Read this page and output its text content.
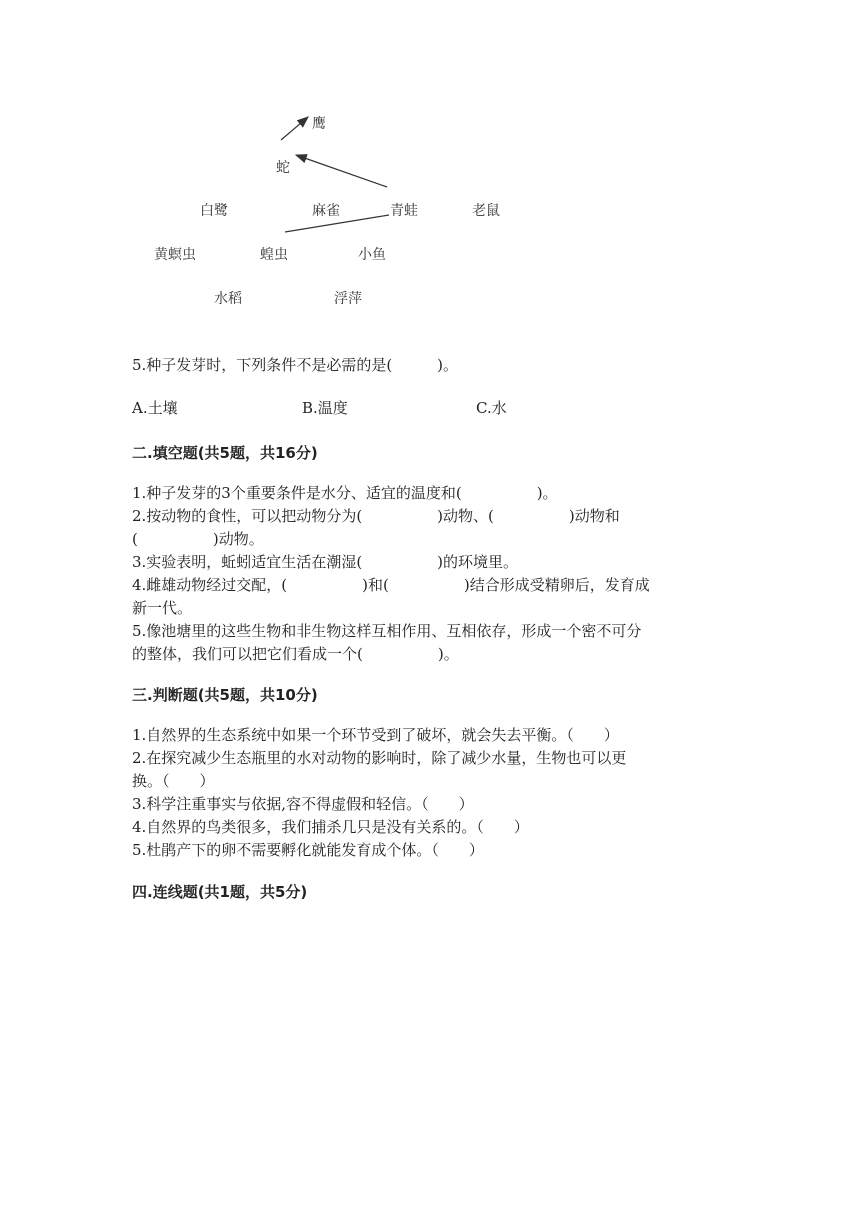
鹰
蛇
白鹭	麻雀	青蛙	老鼠
黄螟虫	蝗虫	小鱼
水稻	浮萍
5.种子发芽时，下列条件不是必需的是(　　　)。
A.土壤	B.温度	C.水
二.填空题(共5题，共16分)
1.种子发芽的3个重要条件是水分、适宜的温度和(　　　　　)。
2.按动物的食性，可以把动物分为(　　　　　)动物、(　　　　　)动物和
(　　　　　)动物。
3.实验表明，蚯蚓适宜生活在潮湿(　　　　　)的环境里。
4.雌雄动物经过交配，(　　　　　)和(　　　　　)结合形成受精卵后，发育成
新一代。
5.像池塘里的这些生物和非生物这样互相作用、互相依存，形成一个密不可分
的整体，我们可以把它们看成一个(　　　　　)。
三.判断题(共5题，共10分)
1.自然界的生态系统中如果一个环节受到了破坏，就会失去平衡。（　　）
2.在探究减少生态瓶里的水对动物的影响时，除了减少水量，生物也可以更
换。（　　）
3.科学注重事实与依据,容不得虚假和轻信。（　　）
4.自然界的鸟类很多，我们捕杀几只是没有关系的。（　　）
5.杜鹃产下的卵不需要孵化就能发育成个体。（　　）
四.连线题(共1题，共5分)
